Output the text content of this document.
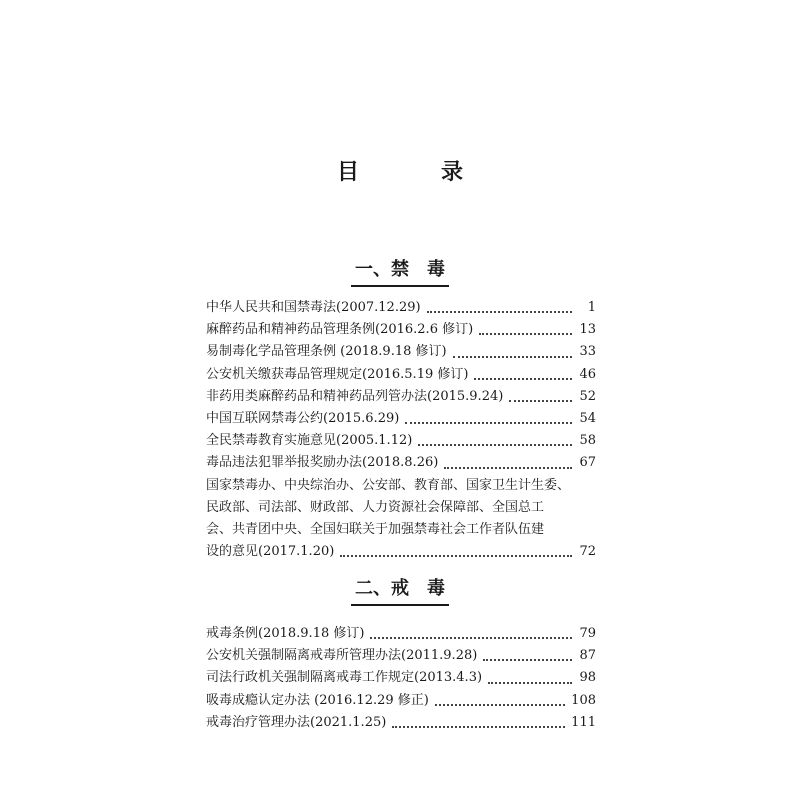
目　录
一、禁　毒
中华人民共和国禁毒法(2007.12.29)	1
麻醉药品和精神药品管理条例(2016.2.6 修订)	13
易制毒化学品管理条例 (2018.9.18 修订)	33
公安机关缴获毒品管理规定(2016.5.19 修订)	46
非药用类麻醉药品和精神药品列管办法(2015.9.24)	52
中国互联网禁毒公约(2015.6.29)	54
全民禁毒教育实施意见(2005.1.12)	58
毒品违法犯罪举报奖励办法(2018.8.26)	67
国家禁毒办、中央综治办、公安部、教育部、国家卫生计生委、
民政部、司法部、财政部、人力资源社会保障部、全国总工
会、共青团中央、全国妇联关于加强禁毒社会工作者队伍建
设的意见(2017.1.20)	72
二、戒　毒
戒毒条例(2018.9.18 修订)	79
公安机关强制隔离戒毒所管理办法(2011.9.28)	87
司法行政机关强制隔离戒毒工作规定(2013.4.3)	98
吸毒成瘾认定办法 (2016.12.29 修正)	108
戒毒治疗管理办法(2021.1.25)	111
